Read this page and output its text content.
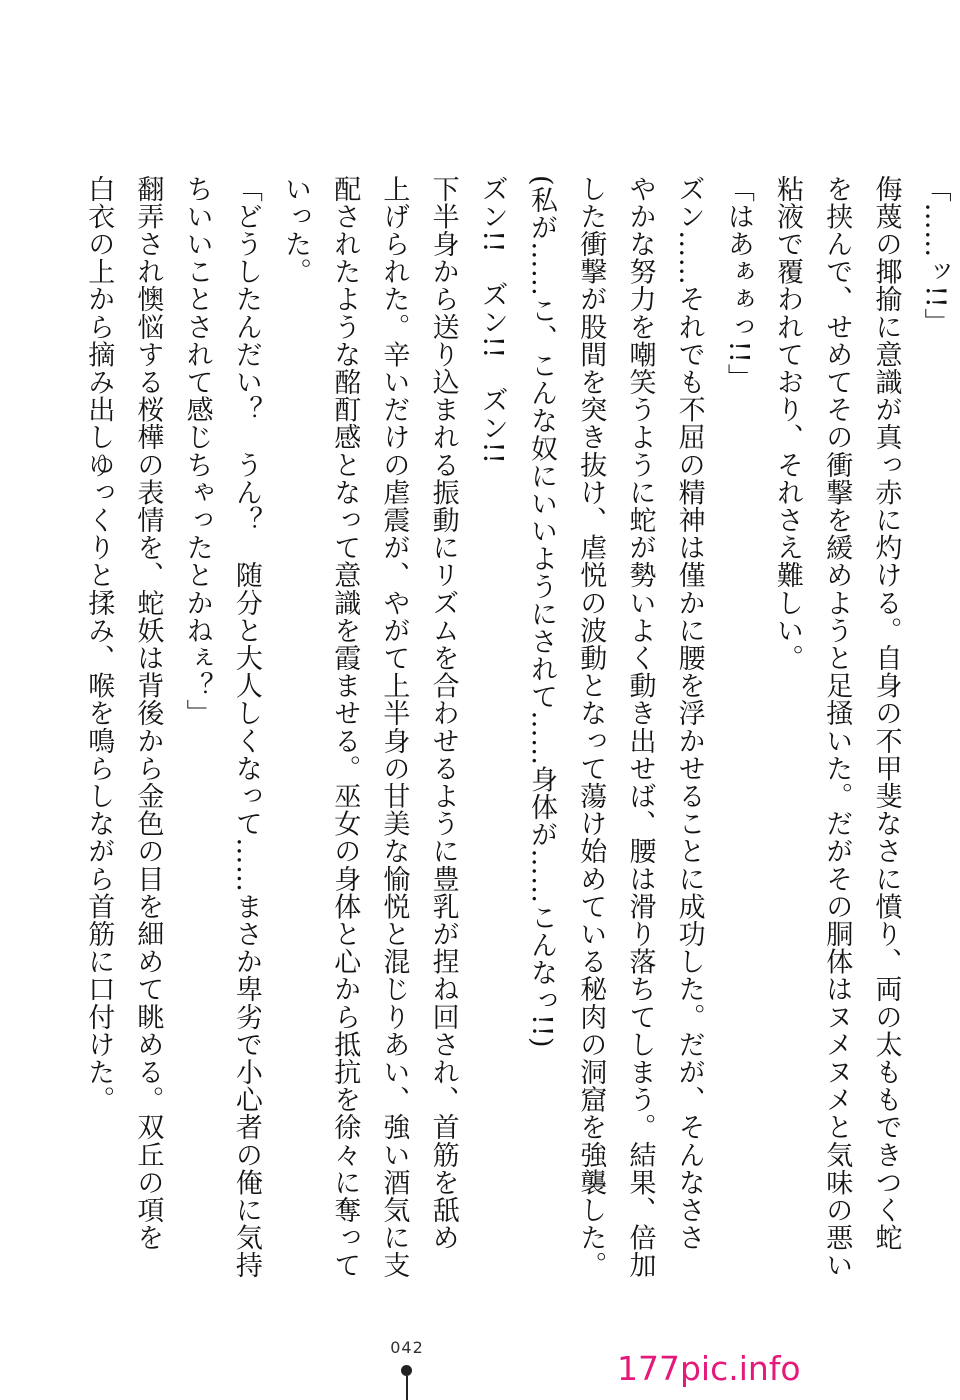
「……ッ!!」
侮蔑の揶揄に意識が真っ赤に灼ける。自身の不甲斐なさに憤り、両の太ももできつく蛇
を挟んで、せめてその衝撃を緩めようと足掻いた。だがその胴体はヌメヌメと気味の悪い
粘液で覆われており、それさえ難しい。
「はあぁぁっ!!」
ズン……それでも不屈の精神は僅かに腰を浮かせることに成功した。だが、そんなささ
やかな努力を嘲笑うように蛇が勢いよく動き出せば、腰は滑り落ちてしまう。結果、倍加
した衝撃が股間を突き抜け、虐悦の波動となって蕩け始めている秘肉の洞窟を強襲した。
(私が……こ、こんな奴にいいようにされて……身体が……こんなっ!!)
ズン!!　ズン!!　ズン!!
下半身から送り込まれる振動にリズムを合わせるように豊乳が捏ね回され、首筋を舐め
上げられた。辛いだけの虐震が、やがて上半身の甘美な愉悦と混じりあい、強い酒気に支
配されたような酩酊感となって意識を霞ませる。巫女の身体と心から抵抗を徐々に奪って
いった。
「どうしたんだい？　うん？　随分と大人しくなって……まさか卑劣で小心者の俺に気持
ちいいことされて感じちゃったとかねぇ？」
翻弄され懊悩する桜樺の表情を、蛇妖は背後から金色の目を細めて眺める。双丘の項を
白衣の上から摘み出しゆっくりと揉み、喉を鳴らしながら首筋に口付けた。
042
177pic.info
